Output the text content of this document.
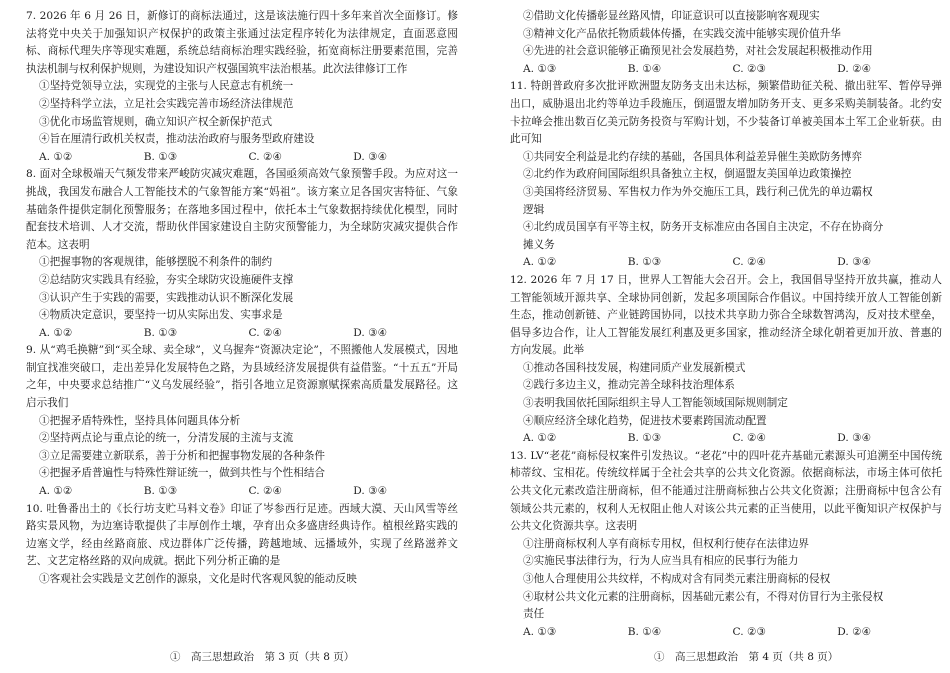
7. 2026 年 6 月 26 日，新修订的商标法通过，这是该法施行四十多年来首次全面修订。修法将党中央关于加强知识产权保护的政策主张通过法定程序转化为法律规定，直面恶意囤标、商标代理失序等现实难题，系统总结商标治理实践经验，拓宽商标注册要素范围，完善执法机制与权利保护规则，为建设知识产权强国筑牢法治根基。此次法律修订工作
①坚持党领导立法，实现党的主张与人民意志有机统一
②坚持科学立法，立足社会实践完善市场经济法律规范
③优化市场监管规则，确立知识产权全新保护范式
④旨在厘清行政机关权责，推动法治政府与服务型政府建设
A. ①②	B. ①③	C. ②④	D. ③④
8. 面对全球极端天气频发带来严峻防灾减灾难题，各国亟须高效气象预警手段。为应对这一挑战，我国发布融合人工智能技术的气象智能方案“妈祖”。该方案立足各国灾害特征、气象基础条件提供定制化预警服务；在落地多国过程中，依托本土气象数据持续优化模型，同时配套技术培训、人才交流，帮助伙伴国家建设自主防灾预警能力，为全球防灾减灾提供合作范本。这表明
①把握事物的客观规律，能够摆脱不利条件的制约
②总结防灾实践具有经验，夯实全球防灾设施硬件支撑
③认识产生于实践的需要，实践推动认识不断深化发展
④物质决定意识，要坚持一切从实际出发、实事求是
A. ①②	B. ①③	C. ②④	D. ③④
9. 从“鸡毛换糖”到“买全球、卖全球”，义乌握奔“资源决定论”，不照搬他人发展模式，因地制宜找准突破口，走出差异化发展特色之路，为县域经济发展提供有益借鉴。“十五五”开局之年，中央要求总结推广“义乌发展经验”，指引各地立足资源禀赋探索高质量发展路径。这启示我们
①把握矛盾特殊性，坚持具体问题具体分析
②坚持两点论与重点论的统一，分清发展的主流与支流
③立足需要建立新联系，善于分析和把握事物发展的各种条件
④把握矛盾普遍性与特殊性辩证统一，做到共性与个性相结合
A. ①②	B. ①③	C. ②④	D. ③④
10. 吐鲁番出土的《长行坊支贮马料文卷》印证了岑参西行足迹。西域大漠、天山风雪等丝路实景风物，为边塞诗歌提供了丰厚创作土壤，孕育出众多盛唐经典诗作。植根丝路实践的边塞文学，经由丝路商旅、戍边群体广泛传播，跨越地域、远播域外，实现了丝路滋养文艺、文艺定格丝路的双向成就。据此下列分析正确的是
①客观社会实践是文艺创作的源泉，文化是时代客观风貌的能动反映
②借助文化传播彰显丝路风情，印证意识可以直接影响客观现实
③精神文化产品依托物质载体传播，在实践交流中能够实现价值升华
④先进的社会意识能够正确预见社会发展趋势，对社会发展起积极推动作用
A. ①③	B. ①④	C. ②③	D. ②④
11. 特朗普政府多次批评欧洲盟友防务支出未达标，频繁借助征关税、撤出驻军、暂停导弹出口，威胁退出北约等单边手段施压，倒逼盟友增加防务开支、更多采购美制装备。北约安卡拉峰会推出数百亿美元防务投资与军购计划，不少装备订单被美国本土军工企业斩获。由此可知
①共同安全利益是北约存续的基础，各国具体利益差异催生美欧防务博弈
②北约作为政府间国际组织具备独立主权，倒逼盟友美国单边政策操控
③美国将经济贸易、军售权力作为外交施压工具，践行利己优先的单边霸权
逻辑
④北约成员国享有平等主权，防务开支标准应由各国自主决定，不存在协商分
摊义务
A. ①②	B. ①③	C. ②④	D. ③④
12. 2026 年 7 月 17 日，世界人工智能大会召开。会上，我国倡导坚持开放共赢，推动人工智能领域开源共享、全球协同创新，发起多项国际合作倡议。中国持续开放人工智能创新生态，推动创新链、产业链跨国协同，以技术共享助力弥合全球数智鸿沟，反对技术壁垒，倡导多边合作，让人工智能发展红利惠及更多国家，推动经济全球化朝着更加开放、普惠的方向发展。此举
①推动各国科技发展，构建同质产业发展新模式
②践行多边主义，推动完善全球科技治理体系
③表明我国依托国际组织主导人工智能领域国际规则制定
④顺应经济全球化趋势，促进技术要素跨国流动配置
A. ①②	B. ①③	C. ②④	D. ③④
13. LV“老花”商标侵权案件引发热议。“老花”中的四叶花卉基础元素源头可追溯至中国传统柿蒂纹、宝相花。传统纹样属于全社会共享的公共文化资源。依据商标法，市场主体可依托公共文化元素改造注册商标，但不能通过注册商标独占公共文化资源；注册商标中包含公有领域公共元素的，权利人无权阻止他人对该公共元素的正当使用，以此平衡知识产权保护与公共文化资源共享。这表明
①注册商标权利人享有商标专用权，但权利行使存在法律边界
②实施民事法律行为，行为人应当具有相应的民事行为能力
③他人合理使用公共纹样，不构成对含有同类元素注册商标的侵权
④取材公共文化元素的注册商标，因基础元素公有，不得对仿冒行为主张侵权
责任
A. ①③	B. ①④	C. ②③	D. ②④
①　高三思想政治　第 3 页（共 8 页）	①　高三思想政治　第 4 页（共 8 页）
